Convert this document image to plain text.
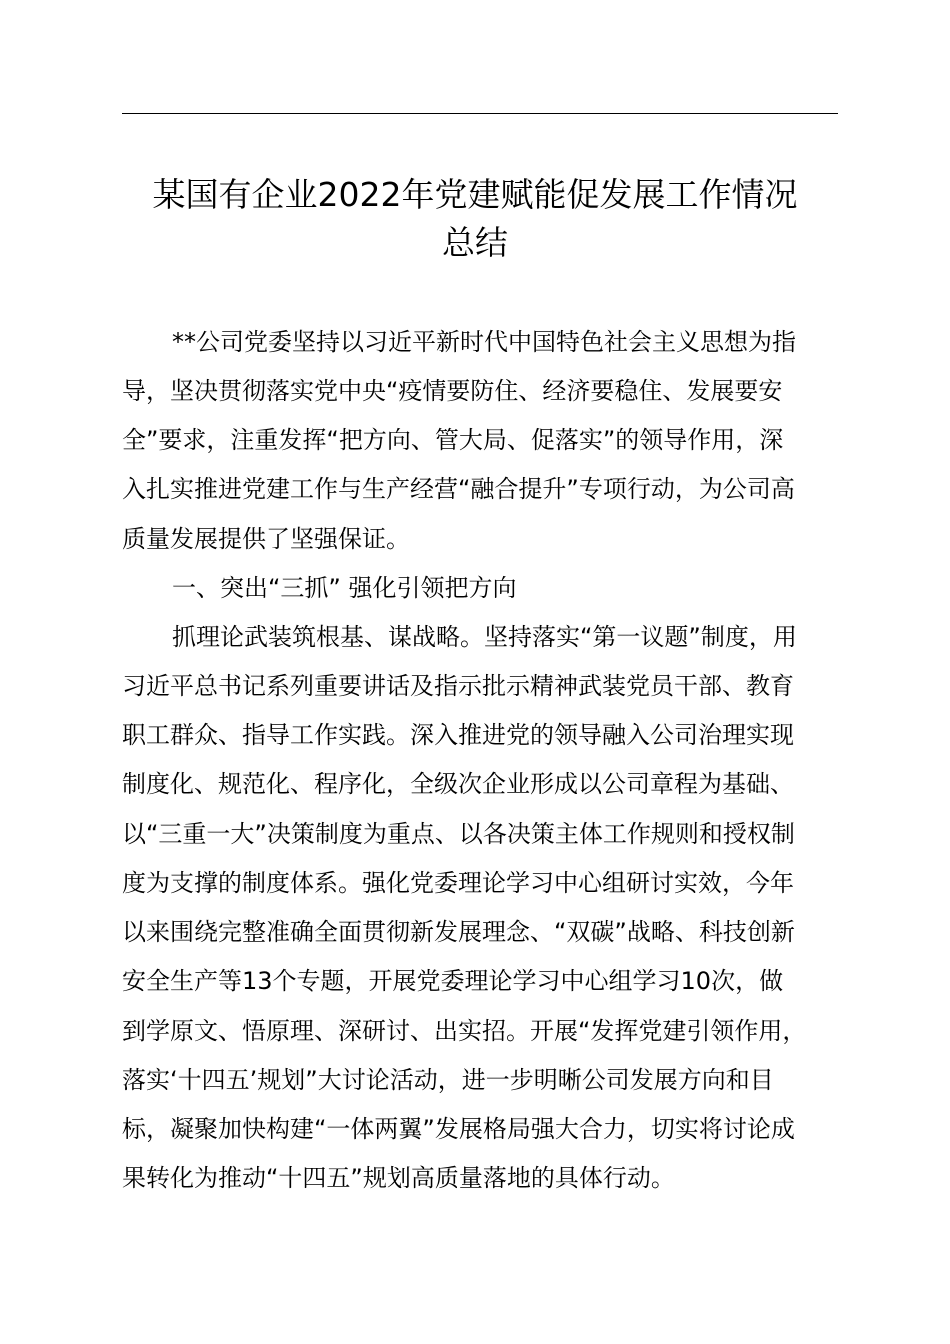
某国有企业2022年党建赋能促发展工作情况
总结
**公司党委坚持以习近平新时代中国特色社会主义思想为指
导，坚决贯彻落实党中央“疫情要防住、经济要稳住、发展要安
全”要求，注重发挥“把方向、管大局、促落实”的领导作用，深
入扎实推进党建工作与生产经营“融合提升”专项行动，为公司高
质量发展提供了坚强保证。
一、突出“三抓” 强化引领把方向
抓理论武装筑根基、谋战略。坚持落实“第一议题”制度，用
习近平总书记系列重要讲话及指示批示精神武装党员干部、教育
职工群众、指导工作实践。深入推进党的领导融入公司治理实现
制度化、规范化、程序化，全级次企业形成以公司章程为基础、
以“三重一大”决策制度为重点、以各决策主体工作规则和授权制
度为支撑的制度体系。强化党委理论学习中心组研讨实效，今年
以来围绕完整准确全面贯彻新发展理念、“双碳”战略、科技创新
安全生产等13个专题，开展党委理论学习中心组学习10次，做
到学原文、悟原理、深研讨、出实招。开展“发挥党建引领作用，
落实‘十四五’规划”大讨论活动，进一步明晰公司发展方向和目
标，凝聚加快构建“一体两翼”发展格局强大合力，切实将讨论成
果转化为推动“十四五”规划高质量落地的具体行动。
